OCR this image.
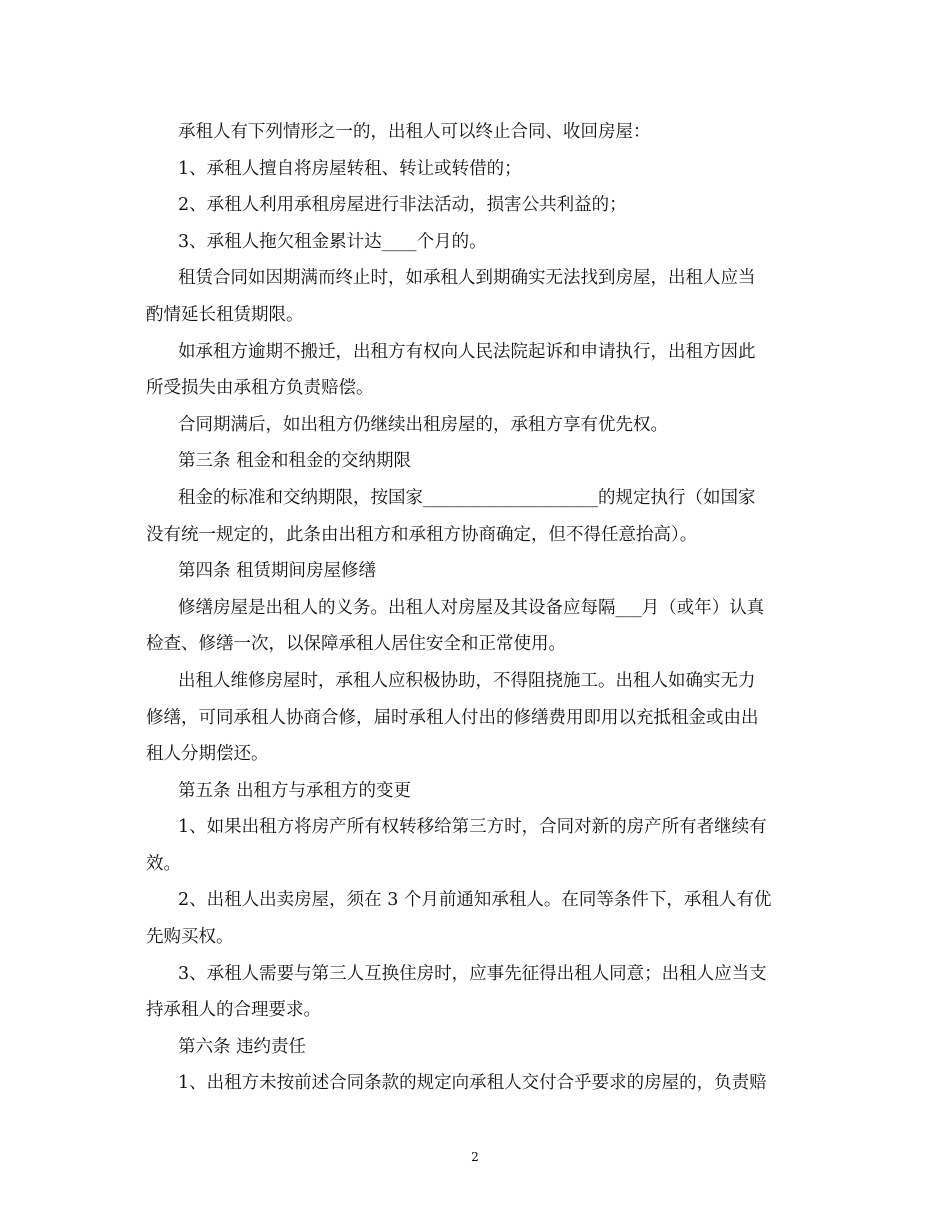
承租人有下列情形之一的，出租人可以终止合同、收回房屋：
1、承租人擅自将房屋转租、转让或转借的；
2、承租人利用承租房屋进行非法活动，损害公共利益的；
3、承租人拖欠租金累计达____个月的。
租赁合同如因期满而终止时，如承租人到期确实无法找到房屋，出租人应当
酌情延长租赁期限。
如承租方逾期不搬迁，出租方有权向人民法院起诉和申请执行，出租方因此
所受损失由承租方负责赔偿。
合同期满后，如出租方仍继续出租房屋的，承租方享有优先权。
第三条 租金和租金的交纳期限
租金的标准和交纳期限，按国家____________________的规定执行（如国家
没有统一规定的，此条由出租方和承租方协商确定，但不得任意抬高）。
第四条 租赁期间房屋修缮
修缮房屋是出租人的义务。出租人对房屋及其设备应每隔___月（或年）认真
检查、修缮一次，以保障承租人居住安全和正常使用。
出租人维修房屋时，承租人应积极协助，不得阻挠施工。出租人如确实无力
修缮，可同承租人协商合修，届时承租人付出的修缮费用即用以充抵租金或由出
租人分期偿还。
第五条 出租方与承租方的变更
1、如果出租方将房产所有权转移给第三方时，合同对新的房产所有者继续有
效。
2、出租人出卖房屋，须在 3 个月前通知承租人。在同等条件下，承租人有优
先购买权。
3、承租人需要与第三人互换住房时，应事先征得出租人同意；出租人应当支
持承租人的合理要求。
第六条 违约责任
1、出租方未按前述合同条款的规定向承租人交付合乎要求的房屋的，负责赔
2
